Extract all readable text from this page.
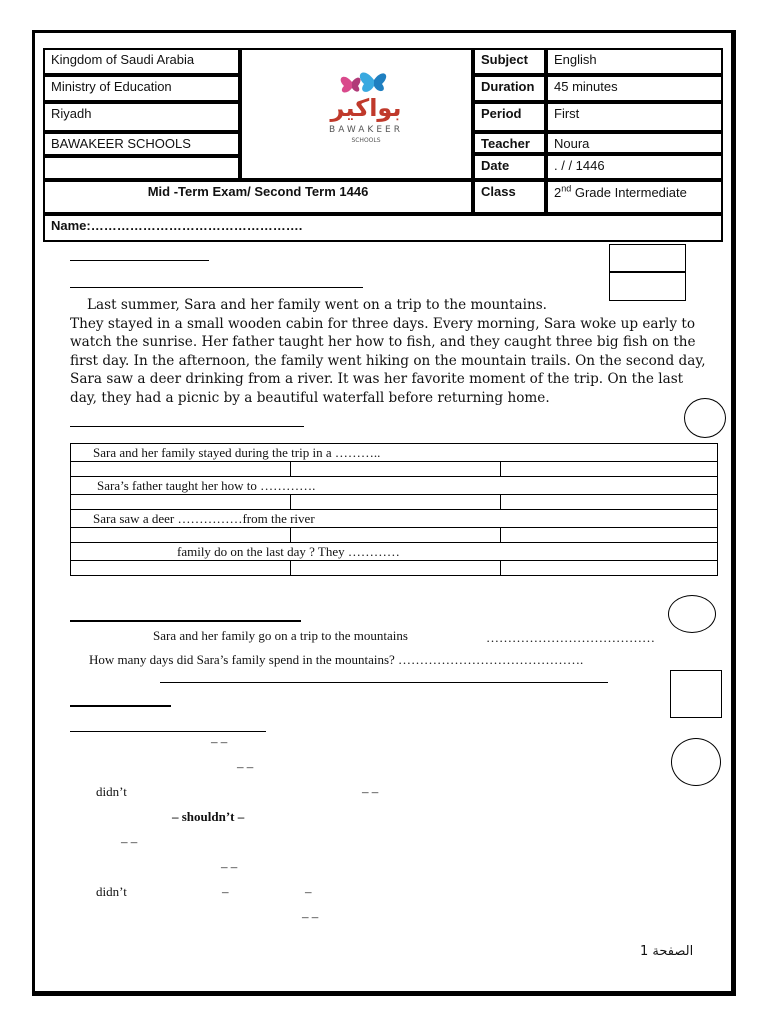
Kingdom of Saudi Arabia
Ministry of Education
Riyadh
BAWAKEER SCHOOLS
بواكير
BAWAKEER
SCHOOLS
Subject	English
Duration	45 minutes
Period	First
Teacher	Noura
Date	. / / 1446
Mid -Term Exam/ Second Term 1446	Class	2nd Grade Intermediate
Name:………………………………………….
Last summer, Sara and her family went on a trip to the mountains.
They stayed in a small wooden cabin for three days. Every morning, Sara woke up early to watch the sunrise. Her father taught her how to fish, and they caught three big fish on the first day. In the afternoon, the family went hiking on the mountain trails. On the second day, Sara saw a deer drinking from a river. It was her favorite moment of the trip. On the last day, they had a picnic by a beautiful waterfall before returning home.
Sara and her family stayed during the trip in a ………..		

Sara’s father taught her how to ………….		

Sara saw a deer ……………from the river		

family do on the last day ? They …………		

Sara and her family go on a trip to the mountains	…………………………………
How many days did Sara’s family spend in the mountains? …………………………………….
– –
– –
didn’t	– –
– shouldn’t –
– –
– –
didn’t	–	–
– –
الصفحة 1
